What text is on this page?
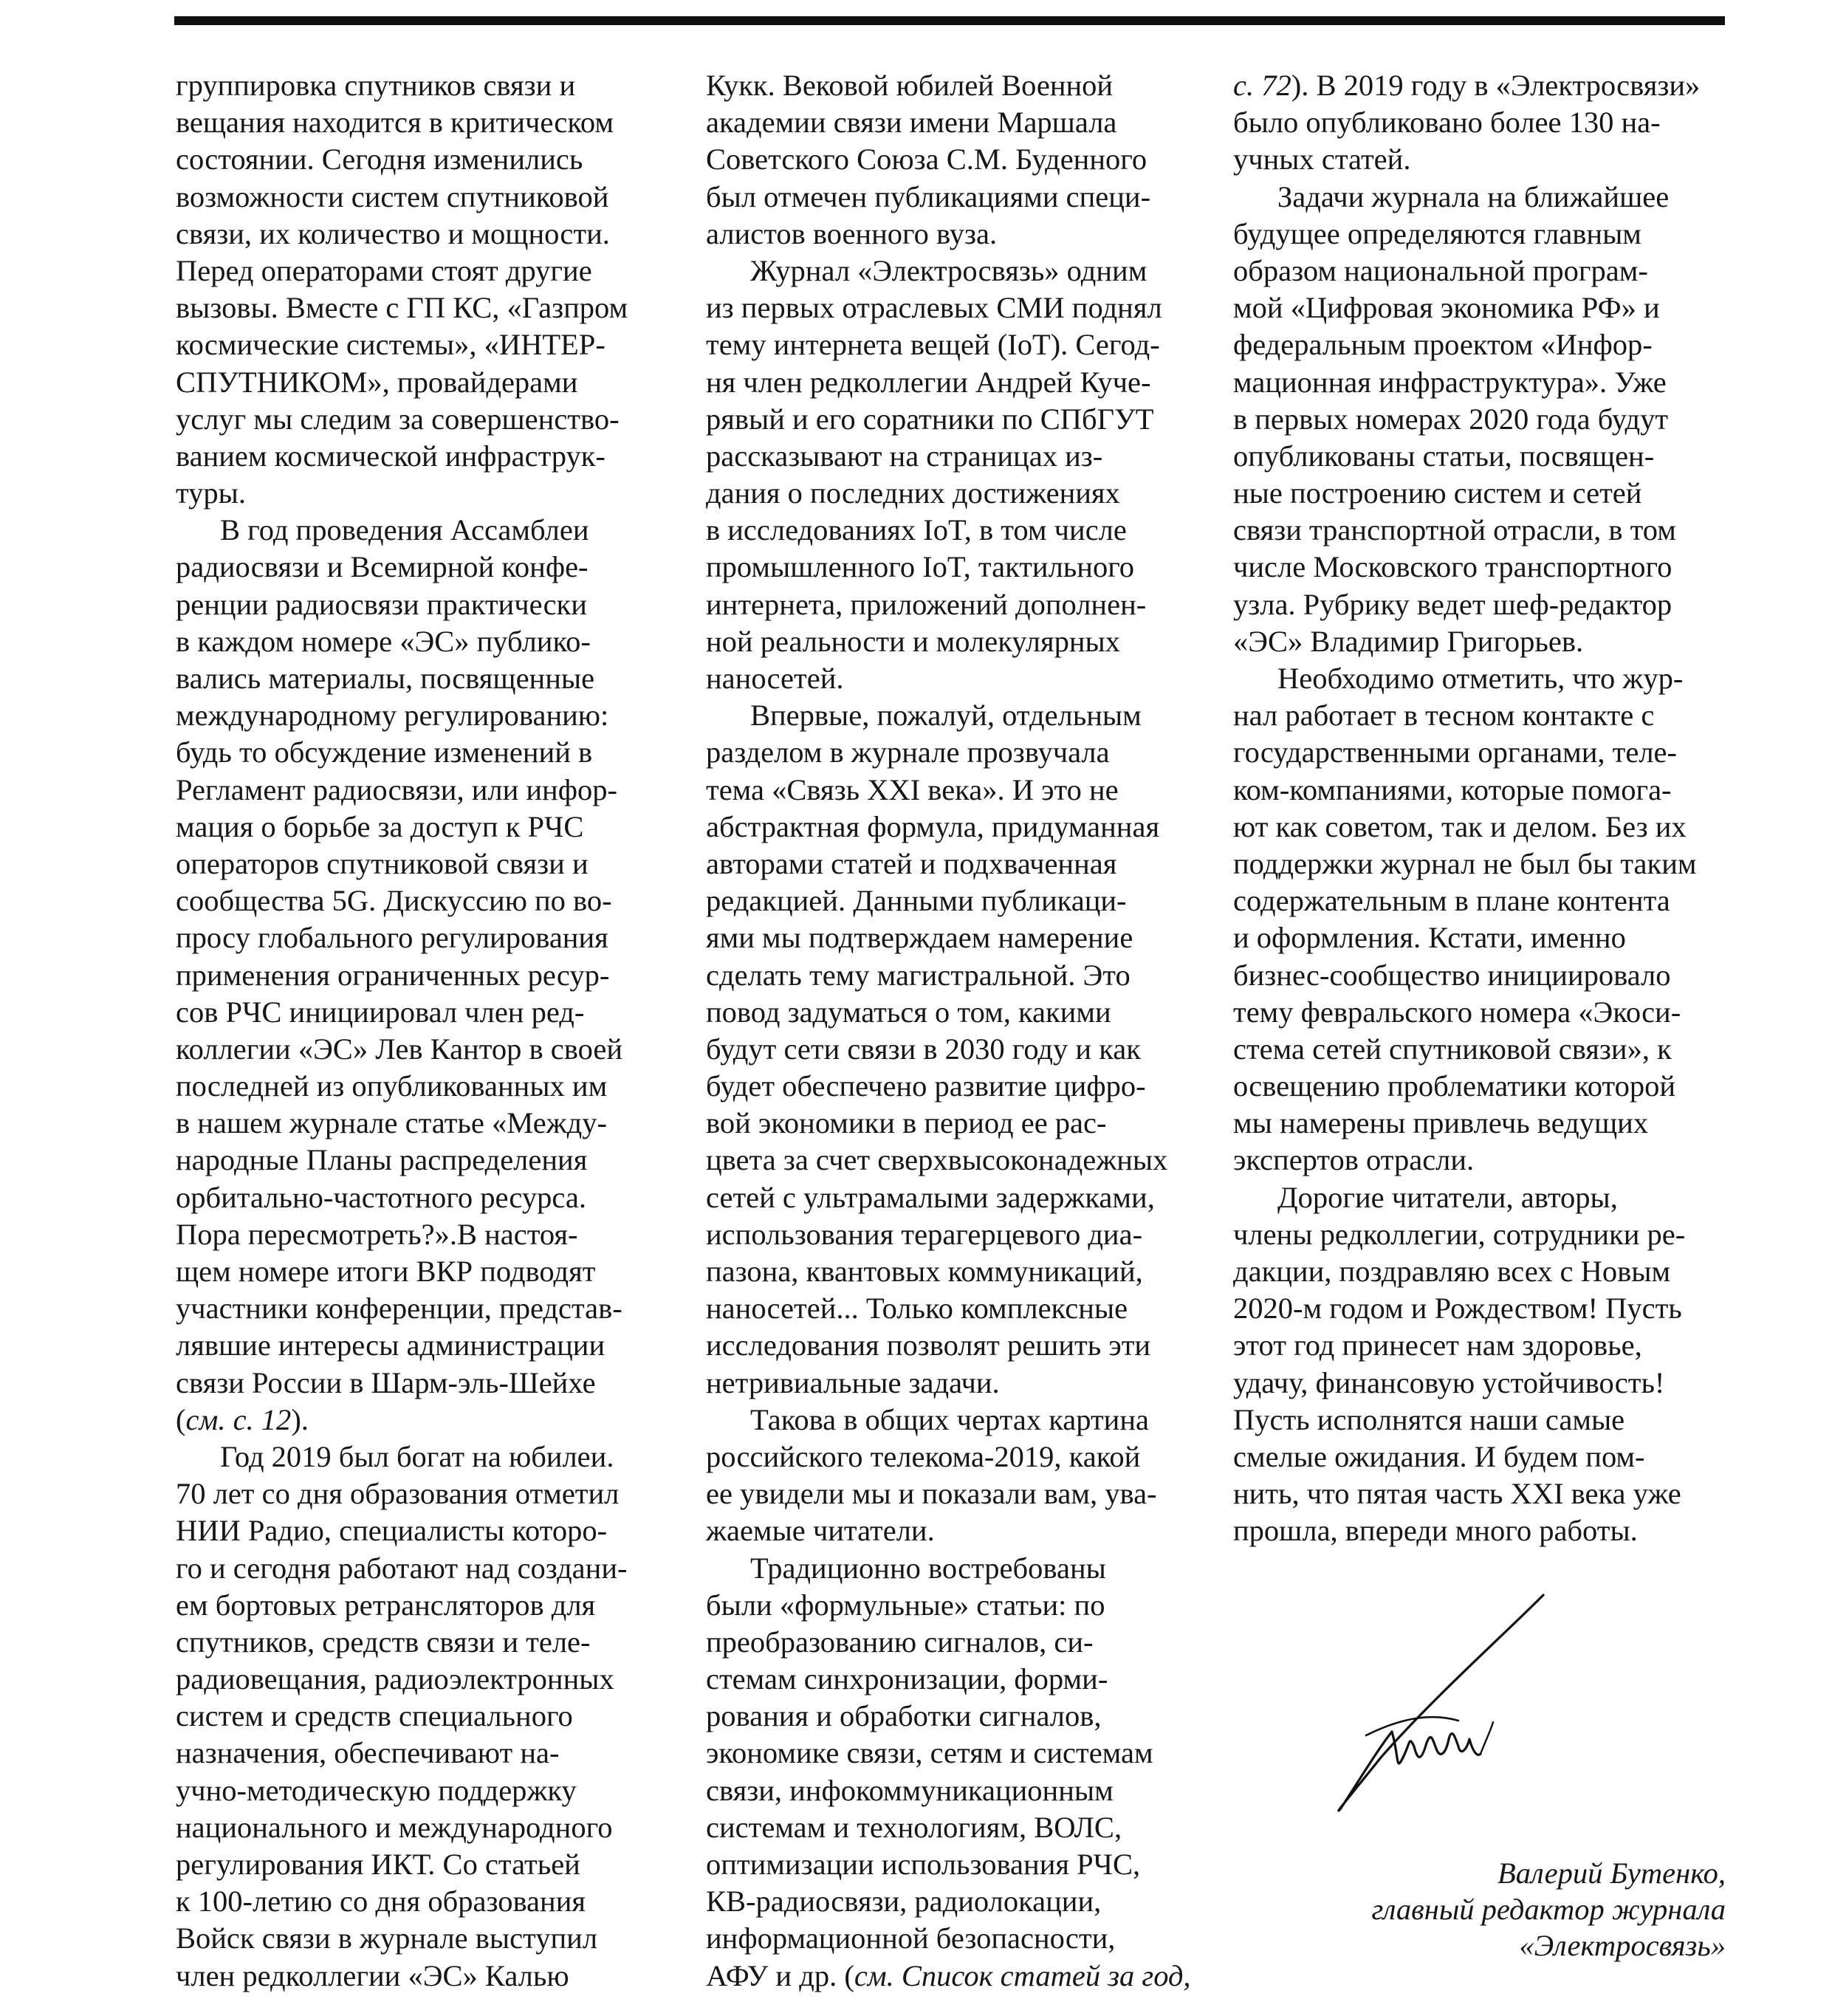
группировка спутников связи и
вещания находится в критическом
состоянии. Сегодня изменились
возможности систем спутниковой
связи, их количество и мощности.
Перед операторами стоят другие
вызовы. Вместе с ГП КС, «Газпром
космические системы», «ИНТЕР-
СПУТНИКОМ», провайдерами
услуг мы следим за совершенство-
ванием космической инфраструк-
туры.
В год проведения Ассамблеи
радиосвязи и Всемирной конфе-
ренции радиосвязи практически
в каждом номере «ЭС» публико-
вались материалы, посвященные
международному регулированию:
будь то обсуждение изменений в
Регламент радиосвязи, или инфор-
мация о борьбе за доступ к РЧС
операторов спутниковой связи и
сообщества 5G. Дискуссию по во-
просу глобального регулирования
применения ограниченных ресур-
сов РЧС инициировал член ред-
коллегии «ЭС» Лев Кантор в своей
последней из опубликованных им
в нашем журнале статье «Между-
народные Планы распределения
орбитально-частотного ресурса.
Пора пересмотреть?».В настоя-
щем номере итоги ВКР подводят
участники конференции, представ-
лявшие интересы администрации
связи России в Шарм-эль-Шейхе
(см. с. 12).
Год 2019 был богат на юбилеи.
70 лет со дня образования отметил
НИИ Радио, специалисты которо-
го и сегодня работают над создани-
ем бортовых ретрансляторов для
спутников, средств связи и теле-
радиовещания, радиоэлектронных
систем и средств специального
назначения, обеспечивают на-
учно-методическую поддержку
национального и международного
регулирования ИКТ. Со статьей
к 100-летию со дня образования
Войск связи в журнале выступил
член редколлегии «ЭС» Калью
Кукк. Вековой юбилей Военной
академии связи имени Маршала
Советского Союза С.М. Буденного
был отмечен публикациями специ-
алистов военного вуза.
Журнал «Электросвязь» одним
из первых отраслевых СМИ поднял
тему интернета вещей (IoT). Сегод-
ня член редколлегии Андрей Куче-
рявый и его соратники по СПбГУТ
рассказывают на страницах из-
дания о последних достижениях
в исследованиях IoT, в том числе
промышленного IoT, тактильного
интернета, приложений дополнен-
ной реальности и молекулярных
наносетей.
Впервые, пожалуй, отдельным
разделом в журнале прозвучала
тема «Связь XXI века». И это не
абстрактная формула, придуманная
авторами статей и подхваченная
редакцией. Данными публикаци-
ями мы подтверждаем намерение
сделать тему магистральной. Это
повод задуматься о том, какими
будут сети связи в 2030 году и как
будет обеспечено развитие цифро-
вой экономики в период ее рас-
цвета за счет сверхвысоконадежных
сетей с ультрамалыми задержками,
использования терагерцевого диа-
пазона, квантовых коммуникаций,
наносетей... Только комплексные
исследования позволят решить эти
нетривиальные задачи.
Такова в общих чертах картина
российского телекома-2019, какой
ее увидели мы и показали вам, ува-
жаемые читатели.
Традиционно востребованы
были «формульные» статьи: по
преобразованию сигналов, си-
стемам синхронизации, форми-
рования и обработки сигналов,
экономике связи, сетям и системам
связи, инфокоммуникационным
системам и технологиям, ВОЛС,
оптимизации использования РЧС,
КВ-радиосвязи, радиолокации,
информационной безопасности,
АФУ и др. (см. Список статей за год,
с. 72). В 2019 году в «Электросвязи»
было опубликовано более 130 на-
учных статей.
Задачи журнала на ближайшее
будущее определяются главным
образом национальной програм-
мой «Цифровая экономика РФ» и
федеральным проектом «Инфор-
мационная инфраструктура». Уже
в первых номерах 2020 года будут
опубликованы статьи, посвящен-
ные построению систем и сетей
связи транспортной отрасли, в том
числе Московского транспортного
узла. Рубрику ведет шеф-редактор
«ЭС» Владимир Григорьев.
Необходимо отметить, что жур-
нал работает в тесном контакте с
государственными органами, теле-
ком-компаниями, которые помога-
ют как советом, так и делом. Без их
поддержки журнал не был бы таким
содержательным в плане контента
и оформления. Кстати, именно
бизнес-сообщество инициировало
тему февральского номера «Экоси-
стема сетей спутниковой связи», к
освещению проблематики которой
мы намерены привлечь ведущих
экспертов отрасли.
Дорогие читатели, авторы,
члены редколлегии, сотрудники ре-
дакции, поздравляю всех с Новым
2020-м годом и Рождеством! Пусть
этот год принесет нам здоровье,
удачу, финансовую устойчивость!
Пусть исполнятся наши самые
смелые ожидания. И будем пом-
нить, что пятая часть XXI века уже
прошла, впереди много работы.
Валерий Бутенко,
главный редактор журнала
«Электросвязь»
